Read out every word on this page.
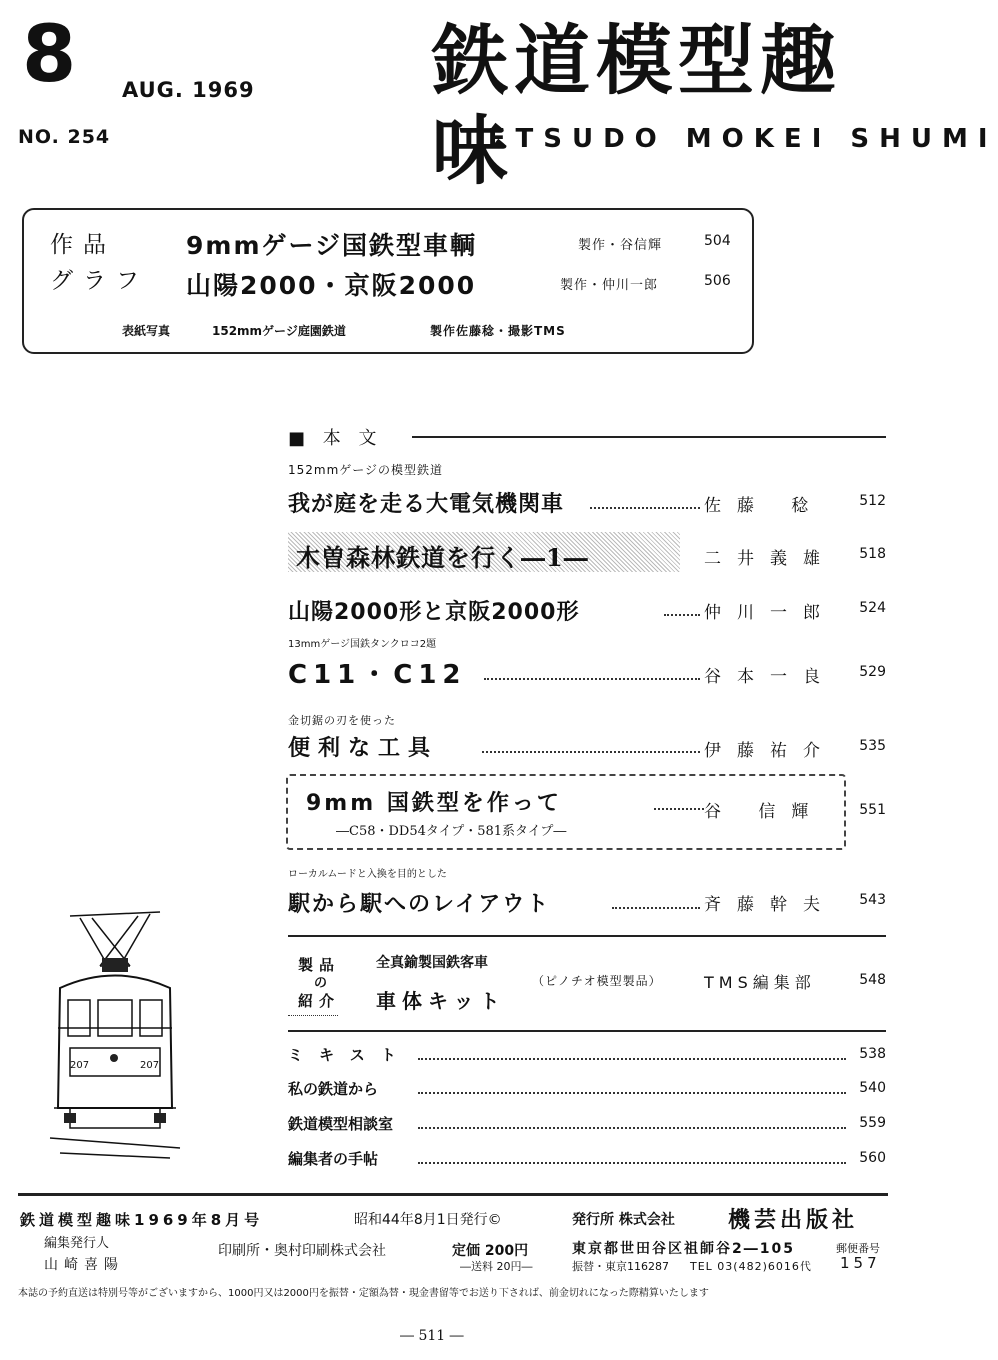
8 AUG. 1969
NO. 254
鉄道模型趣味
TETSUDO MOKEI SHUMI
作品	9mmゲージ国鉄型車輌	製作・谷信輝	504
グラフ 山陽2000・京阪2000	製作・仲川一郎	506
表紙写真	152mmゲージ庭園鉄道	製作佐藤稔・撮影TMS
■ 本 文
152mmゲージの模型鉄道
我が庭を走る大電気機関車	佐藤 稔	512
木曽森林鉄道を行く―1―	二井義雄	518
山陽2000形と京阪2000形	仲川一郎	524
13mmゲージ国鉄タンクロコ2題
C11・C12	谷本一良	529
金切鋸の刃を使った
便利な工具	伊藤祐介	535
9mm 国鉄型を作って
―C58・DD54タイプ・581系タイプ―
谷 信輝	551
ローカルムードと入換を目的とした
駅から駅へのレイアウト	斉藤幹夫	543
製品
の
紹介
全真鍮製国鉄客車
車体キット
（ピノチオ模型製品）	TMS編集部	548
ミキスト	538
私の鉄道から	540
鉄道模型相談室	559
編集者の手帖	560
207	207
鉄道模型趣味1969年8月号	昭和44年8月1日発行©	発行所 株式会社 機芸出版社
編集発行人
山崎喜陽
印刷所・奥村印刷株式会社	定価 200円
―送料 20円―
東京都世田谷区祖師谷2―105	郵便番号
振替・東京116287 TEL 03(482)6016代 157
本誌の予約直送は特別号等がございますから、1000円又は2000円を振替・定額為替・現金書留等でお送り下されば、前金切れになった際精算いたします
― 511 ―
